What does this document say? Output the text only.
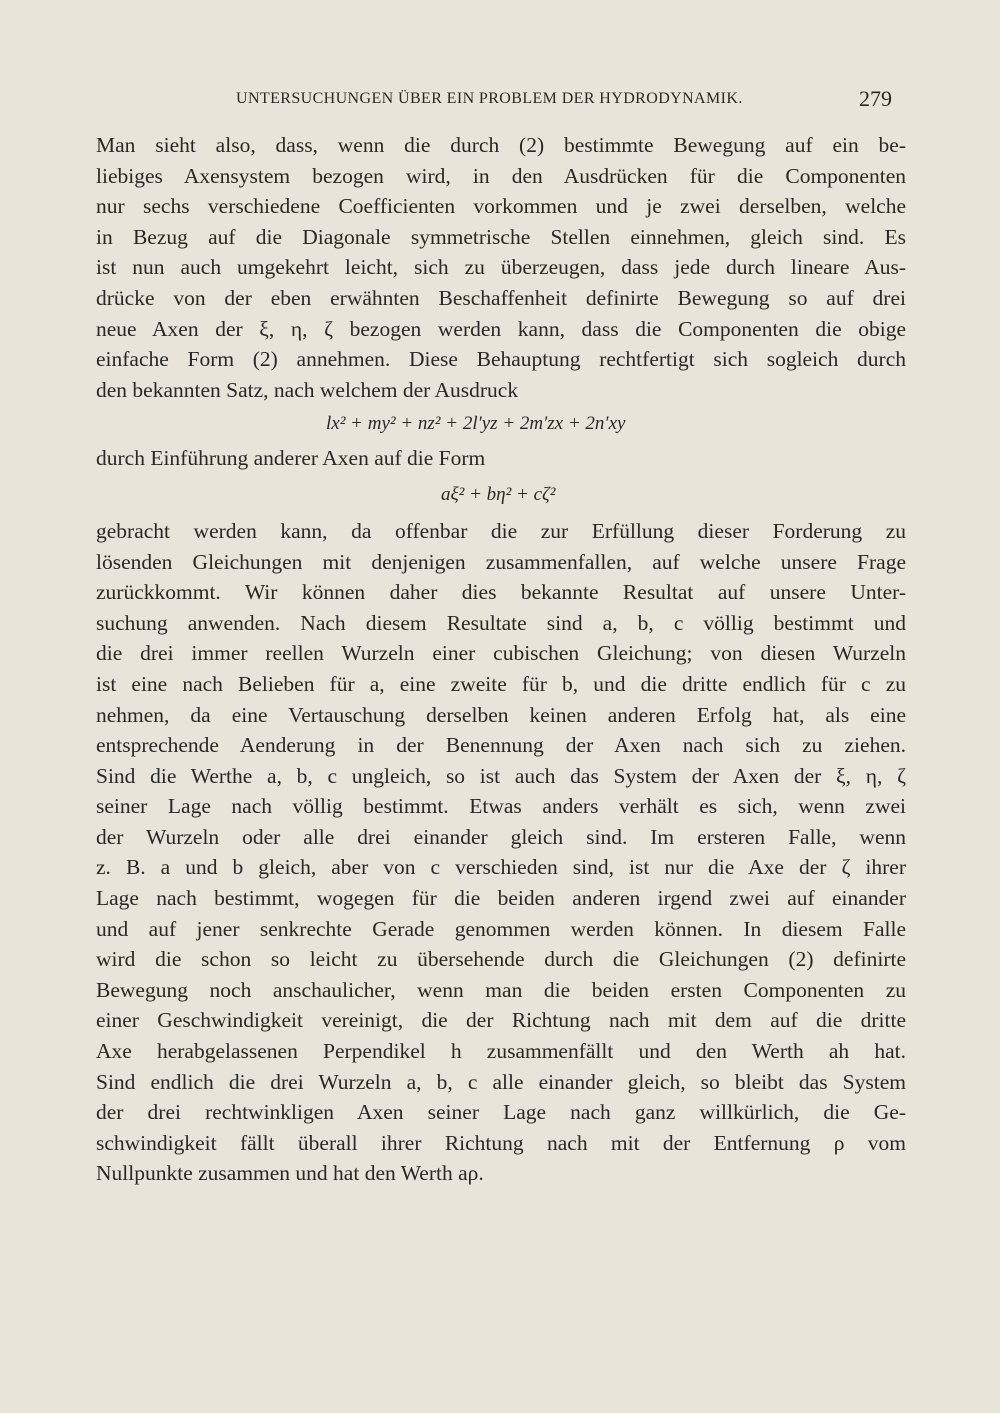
UNTERSUCHUNGEN ÜBER EIN PROBLEM DER HYDRODYNAMIK.	279
Man sieht also, dass, wenn die durch (2) bestimmte Bewegung auf ein be-
liebiges Axensystem bezogen wird, in den Ausdrücken für die Componenten
nur sechs verschiedene Coefficienten vorkommen und je zwei derselben, welche
in Bezug auf die Diagonale symmetrische Stellen einnehmen, gleich sind. Es
ist nun auch umgekehrt leicht, sich zu überzeugen, dass jede durch lineare Aus-
drücke von der eben erwähnten Beschaffenheit definirte Bewegung so auf drei
neue Axen der ξ, η, ζ bezogen werden kann, dass die Componenten die obige
einfache Form (2) annehmen. Diese Behauptung rechtfertigt sich sogleich durch
den bekannten Satz, nach welchem der Ausdruck
lx² + my² + nz² + 2l′yz + 2m′zx + 2n′xy
durch Einführung anderer Axen auf die Form
aξ² + bη² + cζ²
gebracht werden kann, da offenbar die zur Erfüllung dieser Forderung zu
lösenden Gleichungen mit denjenigen zusammenfallen, auf welche unsere Frage
zurückkommt. Wir können daher dies bekannte Resultat auf unsere Unter-
suchung anwenden. Nach diesem Resultate sind a, b, c völlig bestimmt und
die drei immer reellen Wurzeln einer cubischen Gleichung; von diesen Wurzeln
ist eine nach Belieben für a, eine zweite für b, und die dritte endlich für c zu
nehmen, da eine Vertauschung derselben keinen anderen Erfolg hat, als eine
entsprechende Aenderung in der Benennung der Axen nach sich zu ziehen.
Sind die Werthe a, b, c ungleich, so ist auch das System der Axen der ξ, η, ζ
seiner Lage nach völlig bestimmt. Etwas anders verhält es sich, wenn zwei
der Wurzeln oder alle drei einander gleich sind. Im ersteren Falle, wenn
z. B. a und b gleich, aber von c verschieden sind, ist nur die Axe der ζ ihrer
Lage nach bestimmt, wogegen für die beiden anderen irgend zwei auf einander
und auf jener senkrechte Gerade genommen werden können. In diesem Falle
wird die schon so leicht zu übersehende durch die Gleichungen (2) definirte
Bewegung noch anschaulicher, wenn man die beiden ersten Componenten zu
einer Geschwindigkeit vereinigt, die der Richtung nach mit dem auf die dritte
Axe herabgelassenen Perpendikel h zusammenfällt und den Werth ah hat.
Sind endlich die drei Wurzeln a, b, c alle einander gleich, so bleibt das System
der drei rechtwinkligen Axen seiner Lage nach ganz willkürlich, die Ge-
schwindigkeit fällt überall ihrer Richtung nach mit der Entfernung ρ vom
Nullpunkte zusammen und hat den Werth aρ.
